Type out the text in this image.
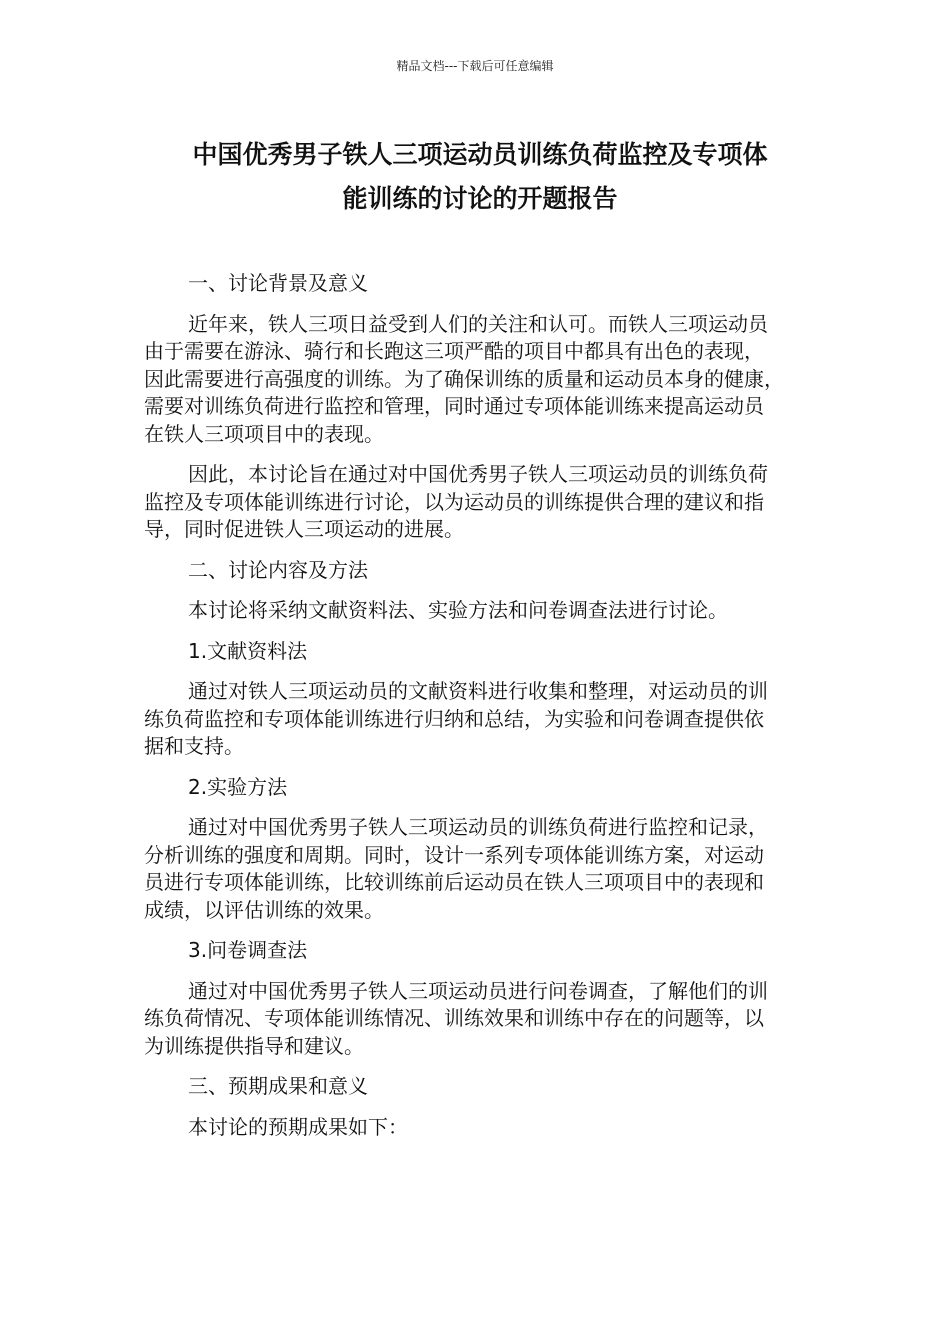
精品文档---下载后可任意编辑
中国优秀男子铁人三项运动员训练负荷监控及专项体
能训练的讨论的开题报告

一、讨论背景及意义

近年来，铁人三项日益受到人们的关注和认可。而铁人三项运动员
由于需要在游泳、骑行和长跑这三项严酷的项目中都具有出色的表现，
因此需要进行高强度的训练。为了确保训练的质量和运动员本身的健康，
需要对训练负荷进行监控和管理，同时通过专项体能训练来提高运动员
在铁人三项项目中的表现。

因此，本讨论旨在通过对中国优秀男子铁人三项运动员的训练负荷
监控及专项体能训练进行讨论，以为运动员的训练提供合理的建议和指
导，同时促进铁人三项运动的进展。

二、讨论内容及方法

本讨论将采纳文献资料法、实验方法和问卷调查法进行讨论。

1.文献资料法

通过对铁人三项运动员的文献资料进行收集和整理，对运动员的训
练负荷监控和专项体能训练进行归纳和总结，为实验和问卷调查提供依
据和支持。

2.实验方法

通过对中国优秀男子铁人三项运动员的训练负荷进行监控和记录，
分析训练的强度和周期。同时，设计一系列专项体能训练方案，对运动
员进行专项体能训练，比较训练前后运动员在铁人三项项目中的表现和
成绩，以评估训练的效果。

3.问卷调查法

通过对中国优秀男子铁人三项运动员进行问卷调查，了解他们的训
练负荷情况、专项体能训练情况、训练效果和训练中存在的问题等，以
为训练提供指导和建议。

三、预期成果和意义

本讨论的预期成果如下：
